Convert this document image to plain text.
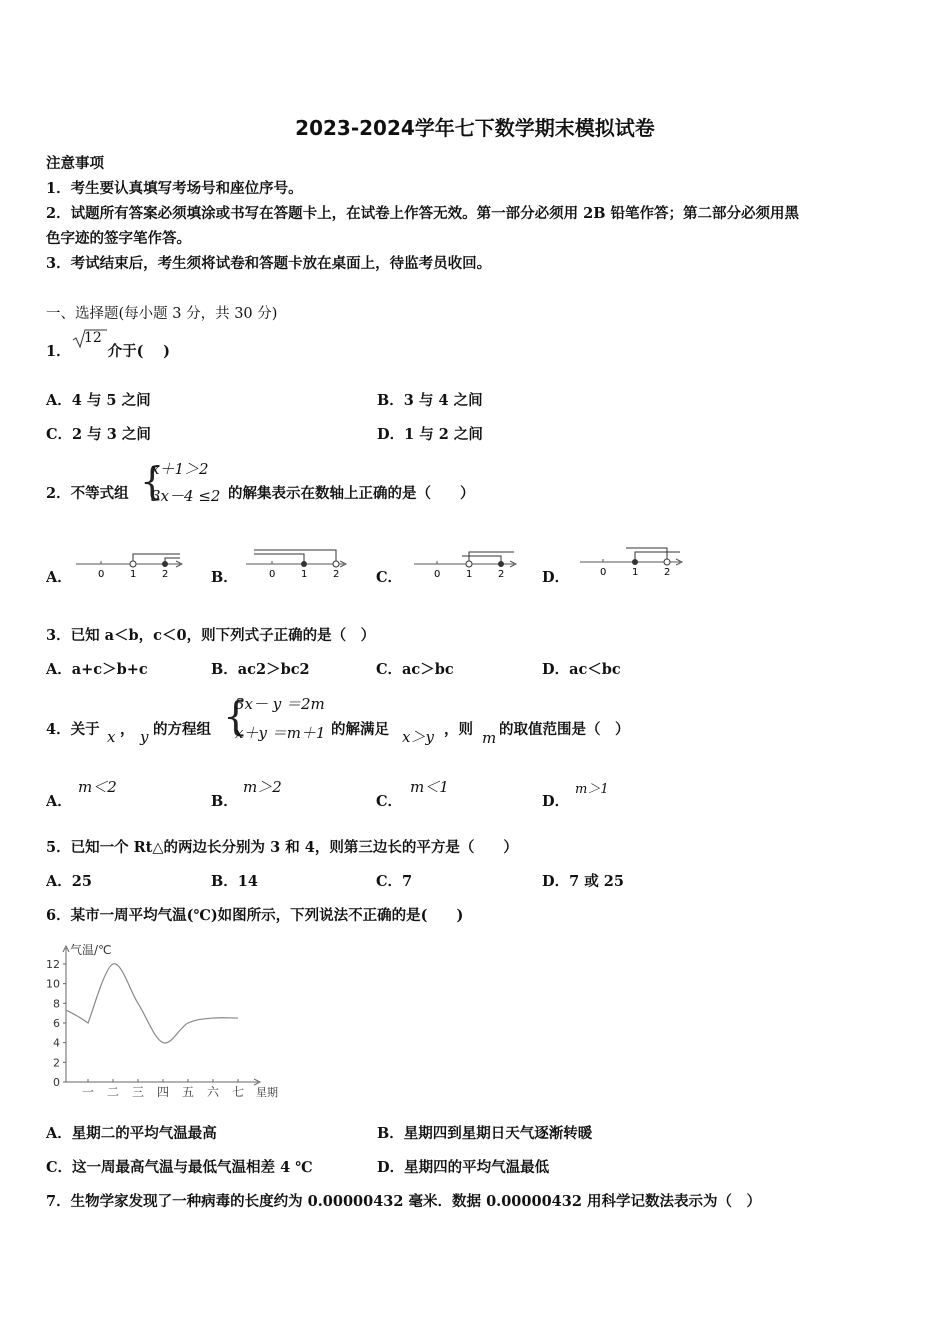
2023-2024学年七下数学期末模拟试卷
注意事项
1．考生要认真填写考场号和座位序号。
2．试题所有答案必须填涂或书写在答题卡上，在试卷上作答无效。第一部分必须用 2B 铅笔作答；第二部分必须用黑
色字迹的签字笔作答。
3．考试结束后，考生须将试卷和答题卡放在桌面上，待监考员收回。
一、选择题(每小题 3 分，共 30 分)
1．
12
介于(　 )
A．4 与 5 之间	B．3 与 4 之间
C．2 与 3 之间	D．1 与 2 之间
2．不等式组 {
x＋1＞2
3x－4 ≤2 的解集表示在数轴上正确的是（　　）
A．	B．	C．	D．
0	1	2	0	1	2	0	1	2	0	1	2
3．已知 a＜b，c＜0，则下列式子正确的是（　）
A．a+c＞b+c	B．ac2＞bc2	C．ac＞bc	D．ac＜bc
4．关于 x ， y 的方程组 {
3x－ y ＝2m
x＋y ＝m＋1 的解满足 x＞y ，则 m 的取值范围是（　）
A．
m＜2
B．
m＞2
C．
m＜1
D．
m＞1
5．已知一个 Rt△的两边长分别为 3 和 4，则第三边长的平方是（　　）
A．25	B．14	C．7	D．7 或 25
6．某市一周平均气温(℃)如图所示，下列说法不正确的是(　　)
0
2
4
6
8
10
12
一 二 三 四 五 六 七
气温/℃
星期
A．星期二的平均气温最高	B．星期四到星期日天气逐渐转暖
C．这一周最高气温与最低气温相差 4 ℃	D．星期四的平均气温最低
7．生物学家发现了一种病毒的长度约为 0.00000432 毫米．数据 0.00000432 用科学记数法表示为（　）
